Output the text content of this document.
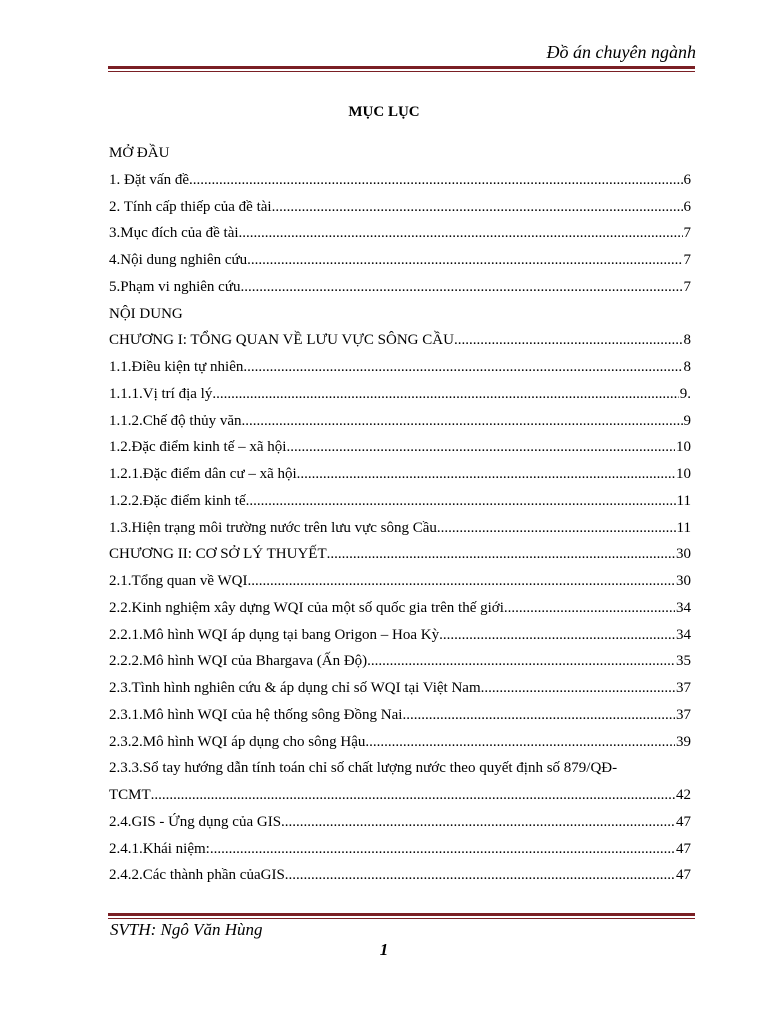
Đồ án chuyên ngành
MỤC LỤC
MỞ ĐẦU
1. Đặt vấn đề .....	6
2. Tính cấp thiếp của đề tài .....	6
3.Mục đích của đề tài .....	7
4.Nội dung nghiên cứu .....	7
5.Phạm vi nghiên cứu .....	7
NỘI DUNG
CHƯƠNG I: TỔNG QUAN VỀ LƯU VỰC SÔNG CẦU .....	8
1.1.Điều kiện tự nhiên .....	8
1.1.1.Vị trí địa lý .....	9.
1.1.2.Chế độ thủy văn .....	9
1.2.Đặc điểm kinh tế – xã hội .....	10
1.2.1.Đặc điểm dân cư – xã hội .....	10
1.2.2.Đặc điểm kinh tế .....	11
1.3.Hiện trạng môi trường nước trên lưu vực sông Cầu .....	11
CHƯƠNG II: CƠ SỞ LÝ THUYẾT .....	30
2.1.Tổng quan về WQI .....	30
2.2.Kinh nghiệm xây dựng WQI của một số quốc gia trên thế giới .....	34
2.2.1.Mô hình WQI áp dụng tại bang Origon – Hoa Kỳ .....	34
2.2.2.Mô hình WQI của Bhargava (Ấn Độ) .....	35
2.3.Tình hình nghiên cứu & áp dụng chỉ số WQI tại Việt Nam .....	37
2.3.1.Mô hình WQI của hệ thống sông Đồng Nai .....	37
2.3.2.Mô hình WQI áp dụng cho sông Hậu .....	39
2.3.3.Sổ tay hướng dẫn tính toán chỉ số chất lượng nước theo quyết định số 879/QĐ-
TCMT .....	42
2.4.GIS - Ứng dụng của GIS .....	47
2.4.1.Khái niệm: .....	47
2.4.2.Các thành phần củaGIS .....	47
SVTH: Ngô Văn Hùng
1
